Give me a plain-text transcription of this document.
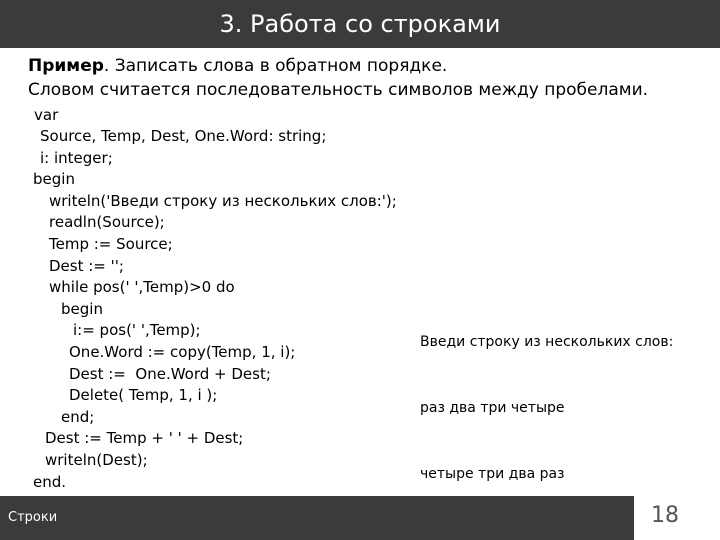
3. Работа со строками
Пример. Записать слова в обратном порядке.
Словом считается последовательность символов между пробелами.
var
Source, Temp, Dest, One.Word: string;
i: integer;
begin
writeln('Введи строку из нескольких слов:');
readln(Source);
Temp := Source;
Dest := '';
while pos(' ',Temp)>0 do
begin
i:= pos(' ',Temp);
One.Word := copy(Temp, 1, i);
Dest :=  One.Word + Dest;
Delete( Temp, 1, i );
end;
Dest := Temp + ' ' + Dest;
writeln(Dest);
end.

Введи строку из нескольких слов:

раз два три четыре

четыре три два раз

Строки	18
